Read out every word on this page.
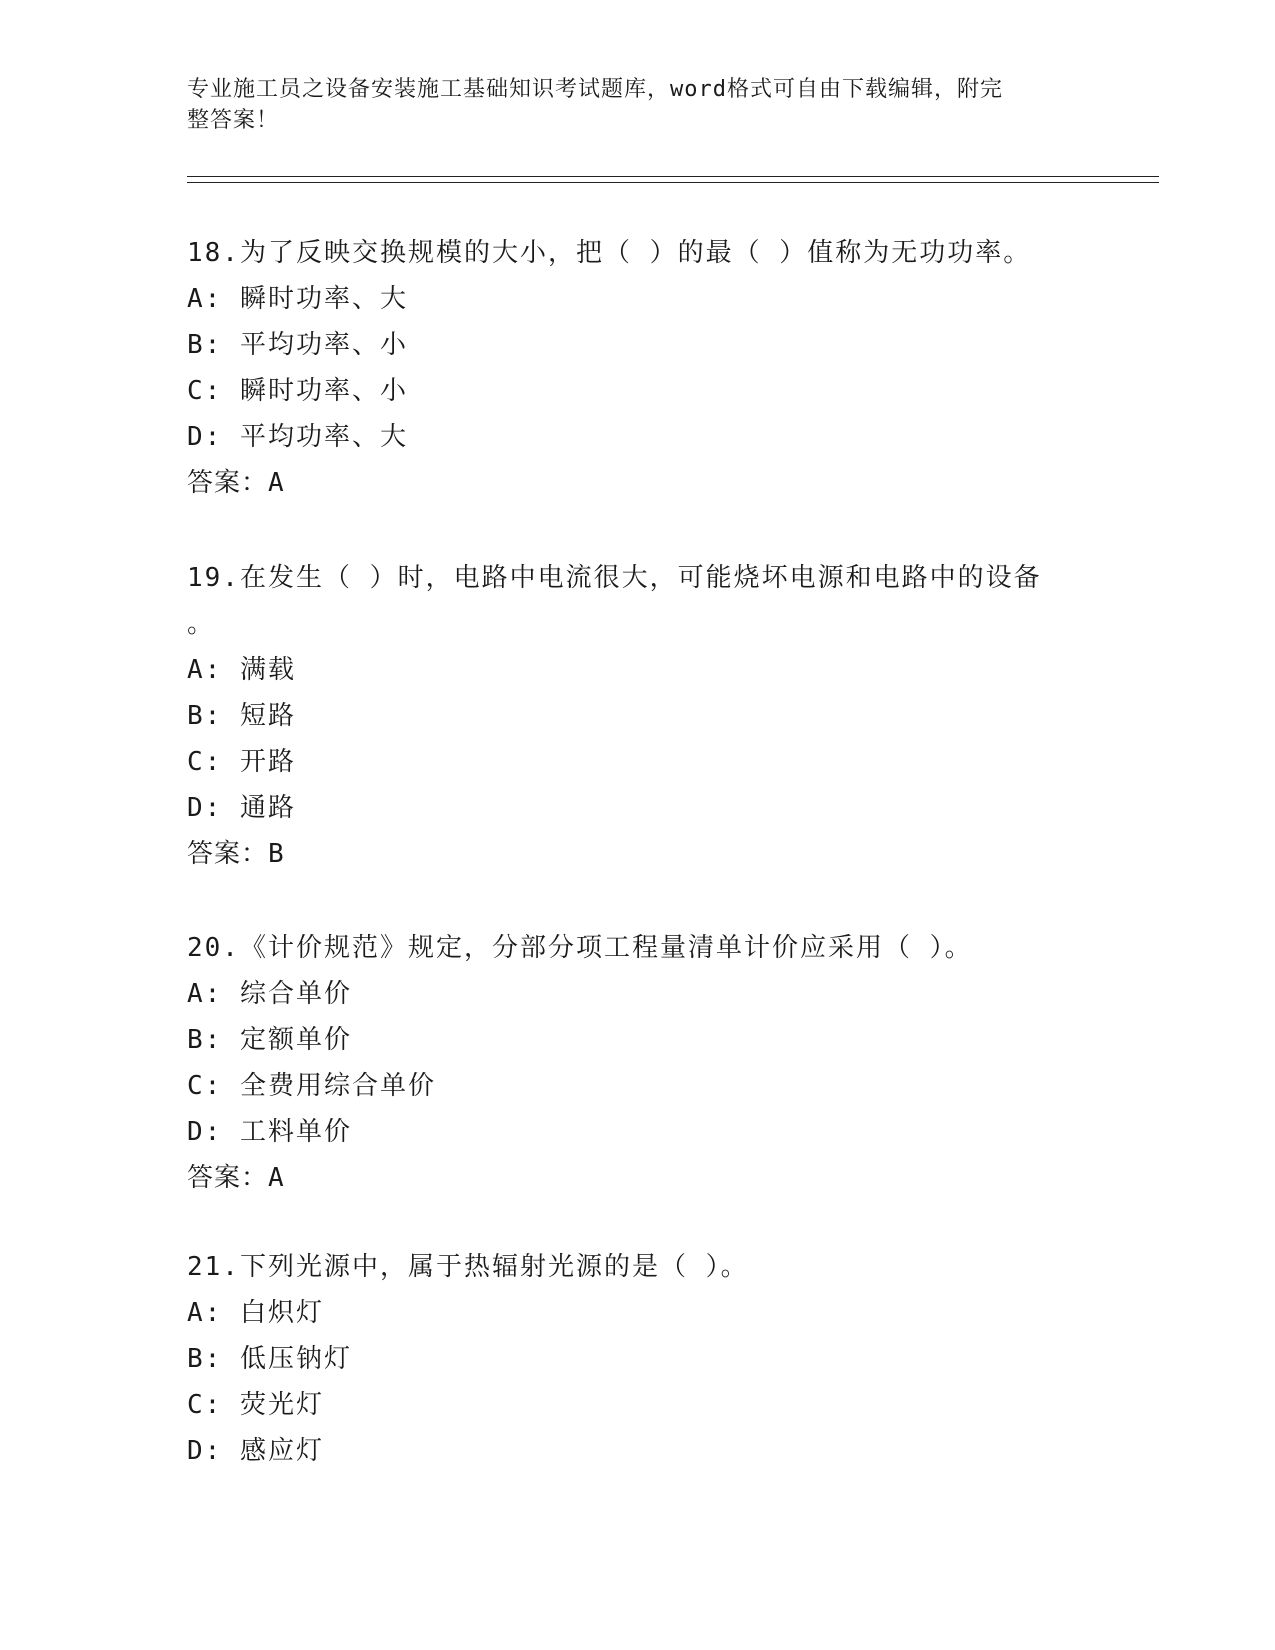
专业施工员之设备安装施工基础知识考试题库，word格式可自由下载编辑，附完
整答案！
18.为了反映交换规模的大小，把（ ）的最（ ）值称为无功功率。
A: 瞬时功率、大
B: 平均功率、小
C: 瞬时功率、小
D: 平均功率、大
答案：A
19.在发生（ ）时，电路中电流很大，可能烧坏电源和电路中的设备
。
A: 满载
B: 短路
C: 开路
D: 通路
答案：B
20.《计价规范》规定，分部分项工程量清单计价应采用（ ）。
A: 综合单价
B: 定额单价
C: 全费用综合单价
D: 工料单价
答案：A
21.下列光源中，属于热辐射光源的是（ ）。
A: 白炽灯
B: 低压钠灯
C: 荧光灯
D: 感应灯
